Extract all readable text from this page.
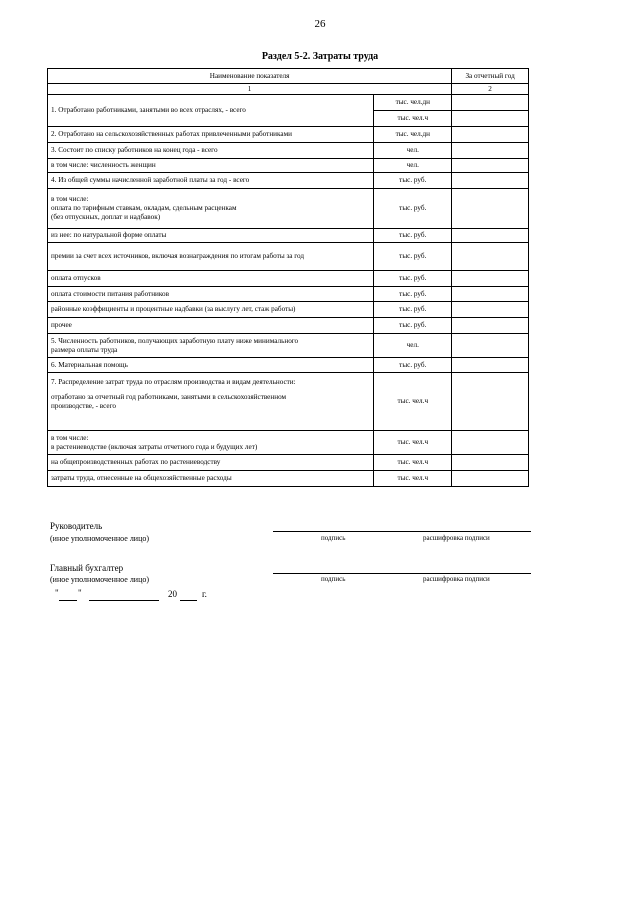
26
Раздел 5-2. Затраты труда
Наименование показателя		За отчетный год
1		2
1. Отработано работниками, занятыми во всех отраслях, - всего	тыс. чел.дн	
	тыс. чел.ч	
2. Отработано на сельскохозяйственных работах привлеченными работниками	тыс. чел.дн	
3. Состоит по списку работников на конец года - всего	чел.	
в том числе: численность женщин	чел.	
4. Из общей суммы начисленной заработной платы за год - всего	тыс. руб.	

в том числе:
оплата по тарифным ставкам, окладам, сдельным расценкам
(без отпускных, доплат и надбавок)	тыс. руб.	
из нее: по натуральной форме оплаты	тыс. руб.	
премии за счет всех источников, включая вознаграждения по итогам работы за год	тыс. руб.	
оплата отпусков	тыс. руб.	
оплата стоимости питания работников	тыс. руб.	
районные коэффициенты и процентные надбавки (за выслугу лет, стаж работы)	тыс. руб.	
прочее	тыс. руб.	

5. Численность работников, получающих заработную плату ниже минимального
размера оплаты труда	чел.	
6. Материальная помощь	тыс. руб.	

7. Распределение затрат труда по отраслям производства и видам деятельности:
отработано за отчетный год работниками, занятыми в сельскохозяйственном
производстве, - всего	тыс. чел.ч	

в том числе:
в растениеводстве (включая затраты отчетного года и будущих лет)	тыс. чел.ч	
на общепроизводственных работах по растениеводству	тыс. чел.ч	
затраты труда, отнесенные на общехозяйственные расходы	тыс. чел.ч	
Руководитель
(иное уполномоченное лицо)	подпись	расшифровка подписи
Главный бухгалтер
(иное уполномоченное лицо)	подпись	расшифровка подписи
" "	20	г.
